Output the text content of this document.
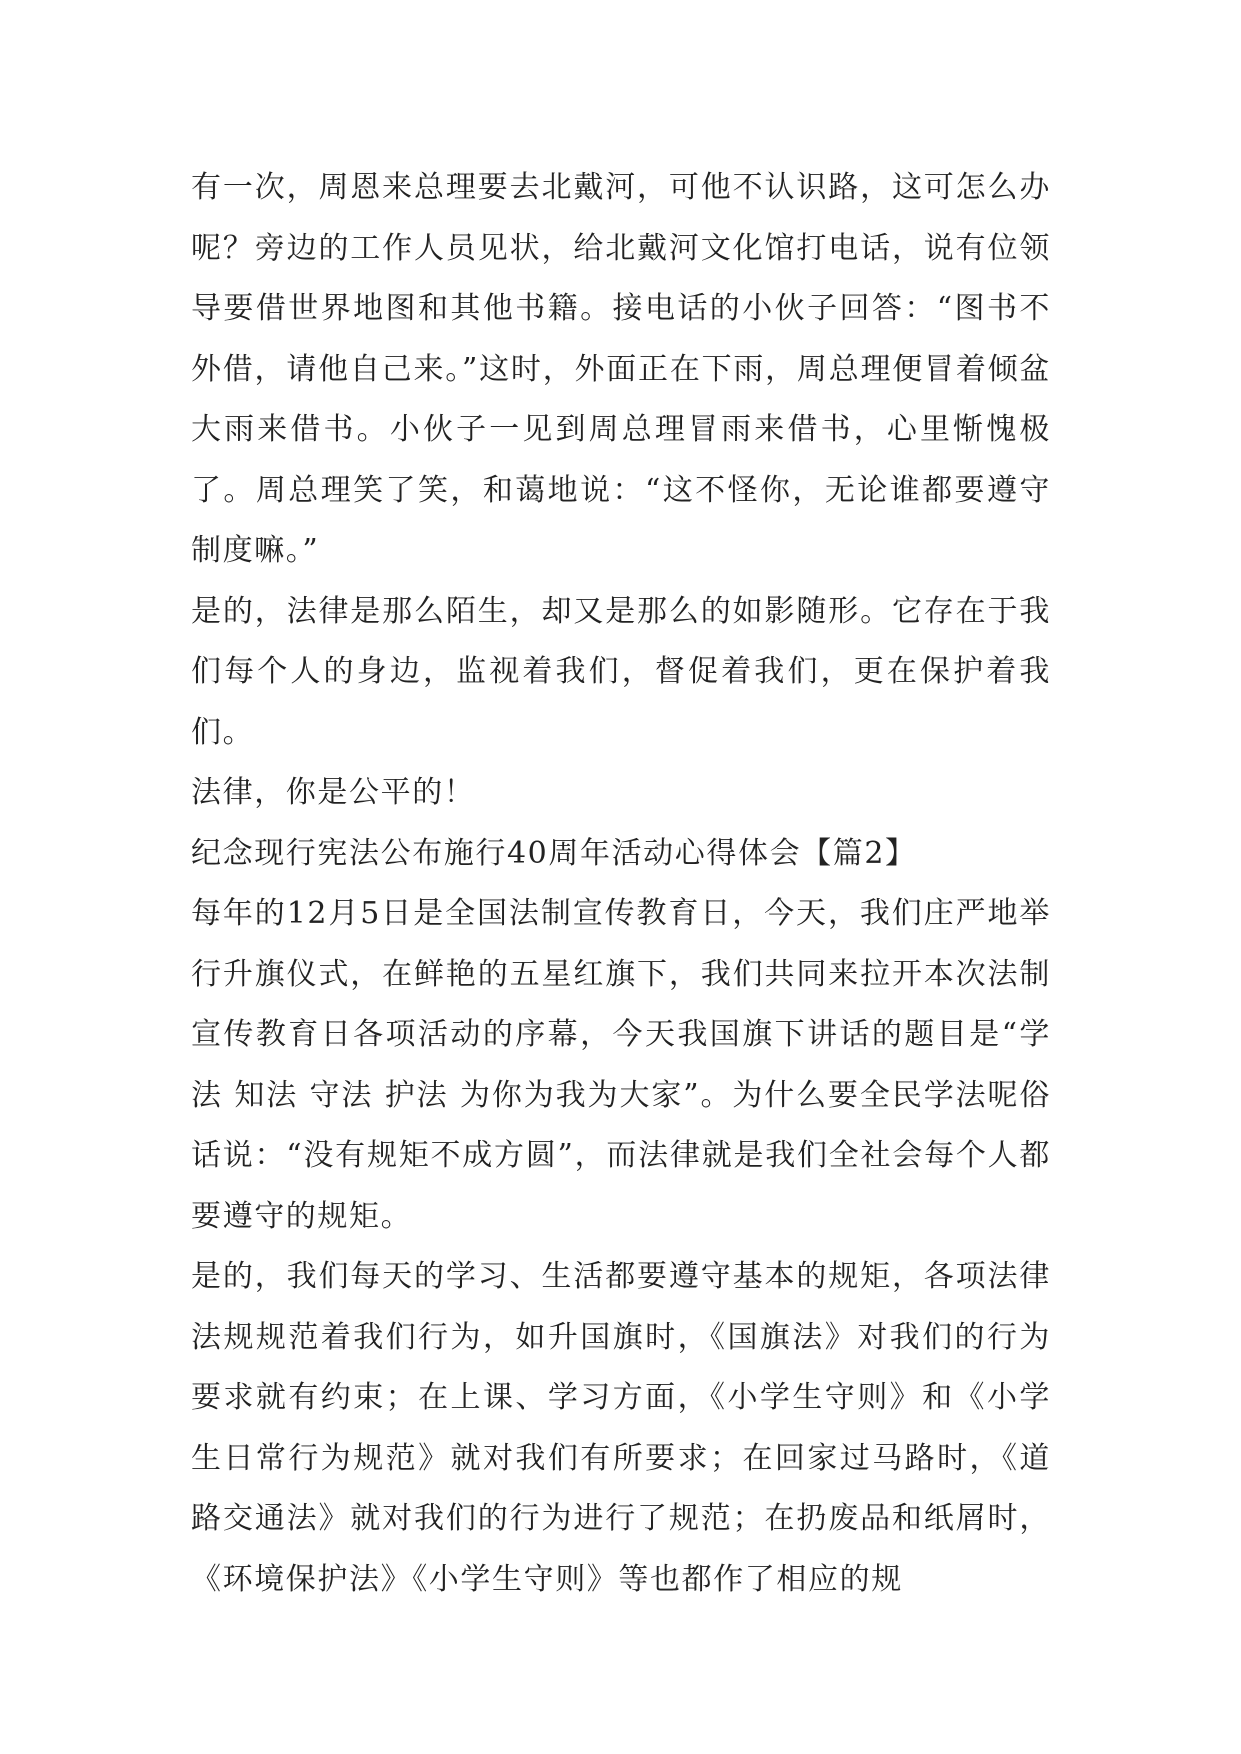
有一次，周恩来总理要去北戴河，可他不认识路，这可怎么办呢？旁边的工作人员见状，给北戴河文化馆打电话，说有位领导要借世界地图和其他书籍。接电话的小伙子回答：“图书不外借，请他自己来。”这时，外面正在下雨，周总理便冒着倾盆大雨来借书。小伙子一见到周总理冒雨来借书，心里惭愧极了。周总理笑了笑，和蔼地说：“这不怪你，无论谁都要遵守制度嘛。”

是的，法律是那么陌生，却又是那么的如影随形。它存在于我们每个人的身边，监视着我们，督促着我们，更在保护着我们。

法律，你是公平的！

纪念现行宪法公布施行40周年活动心得体会【篇2】

每年的12月5日是全国法制宣传教育日，今天，我们庄严地举行升旗仪式，在鲜艳的五星红旗下，我们共同来拉开本次法制宣传教育日各项活动的序幕，今天我国旗下讲话的题目是“学法 知法 守法 护法 为你为我为大家”。为什么要全民学法呢俗话说：“没有规矩不成方圆”，而法律就是我们全社会每个人都要遵守的规矩。

是的，我们每天的学习、生活都要遵守基本的规矩，各项法律法规规范着我们行为，如升国旗时，《国旗法》对我们的行为要求就有约束；在上课、学习方面，《小学生守则》和《小学生日常行为规范》就对我们有所要求；在回家过马路时，《道路交通法》就对我们的行为进行了规范；在扔废品和纸屑时，《环境保护法》《小学生守则》等也都作了相应的规
